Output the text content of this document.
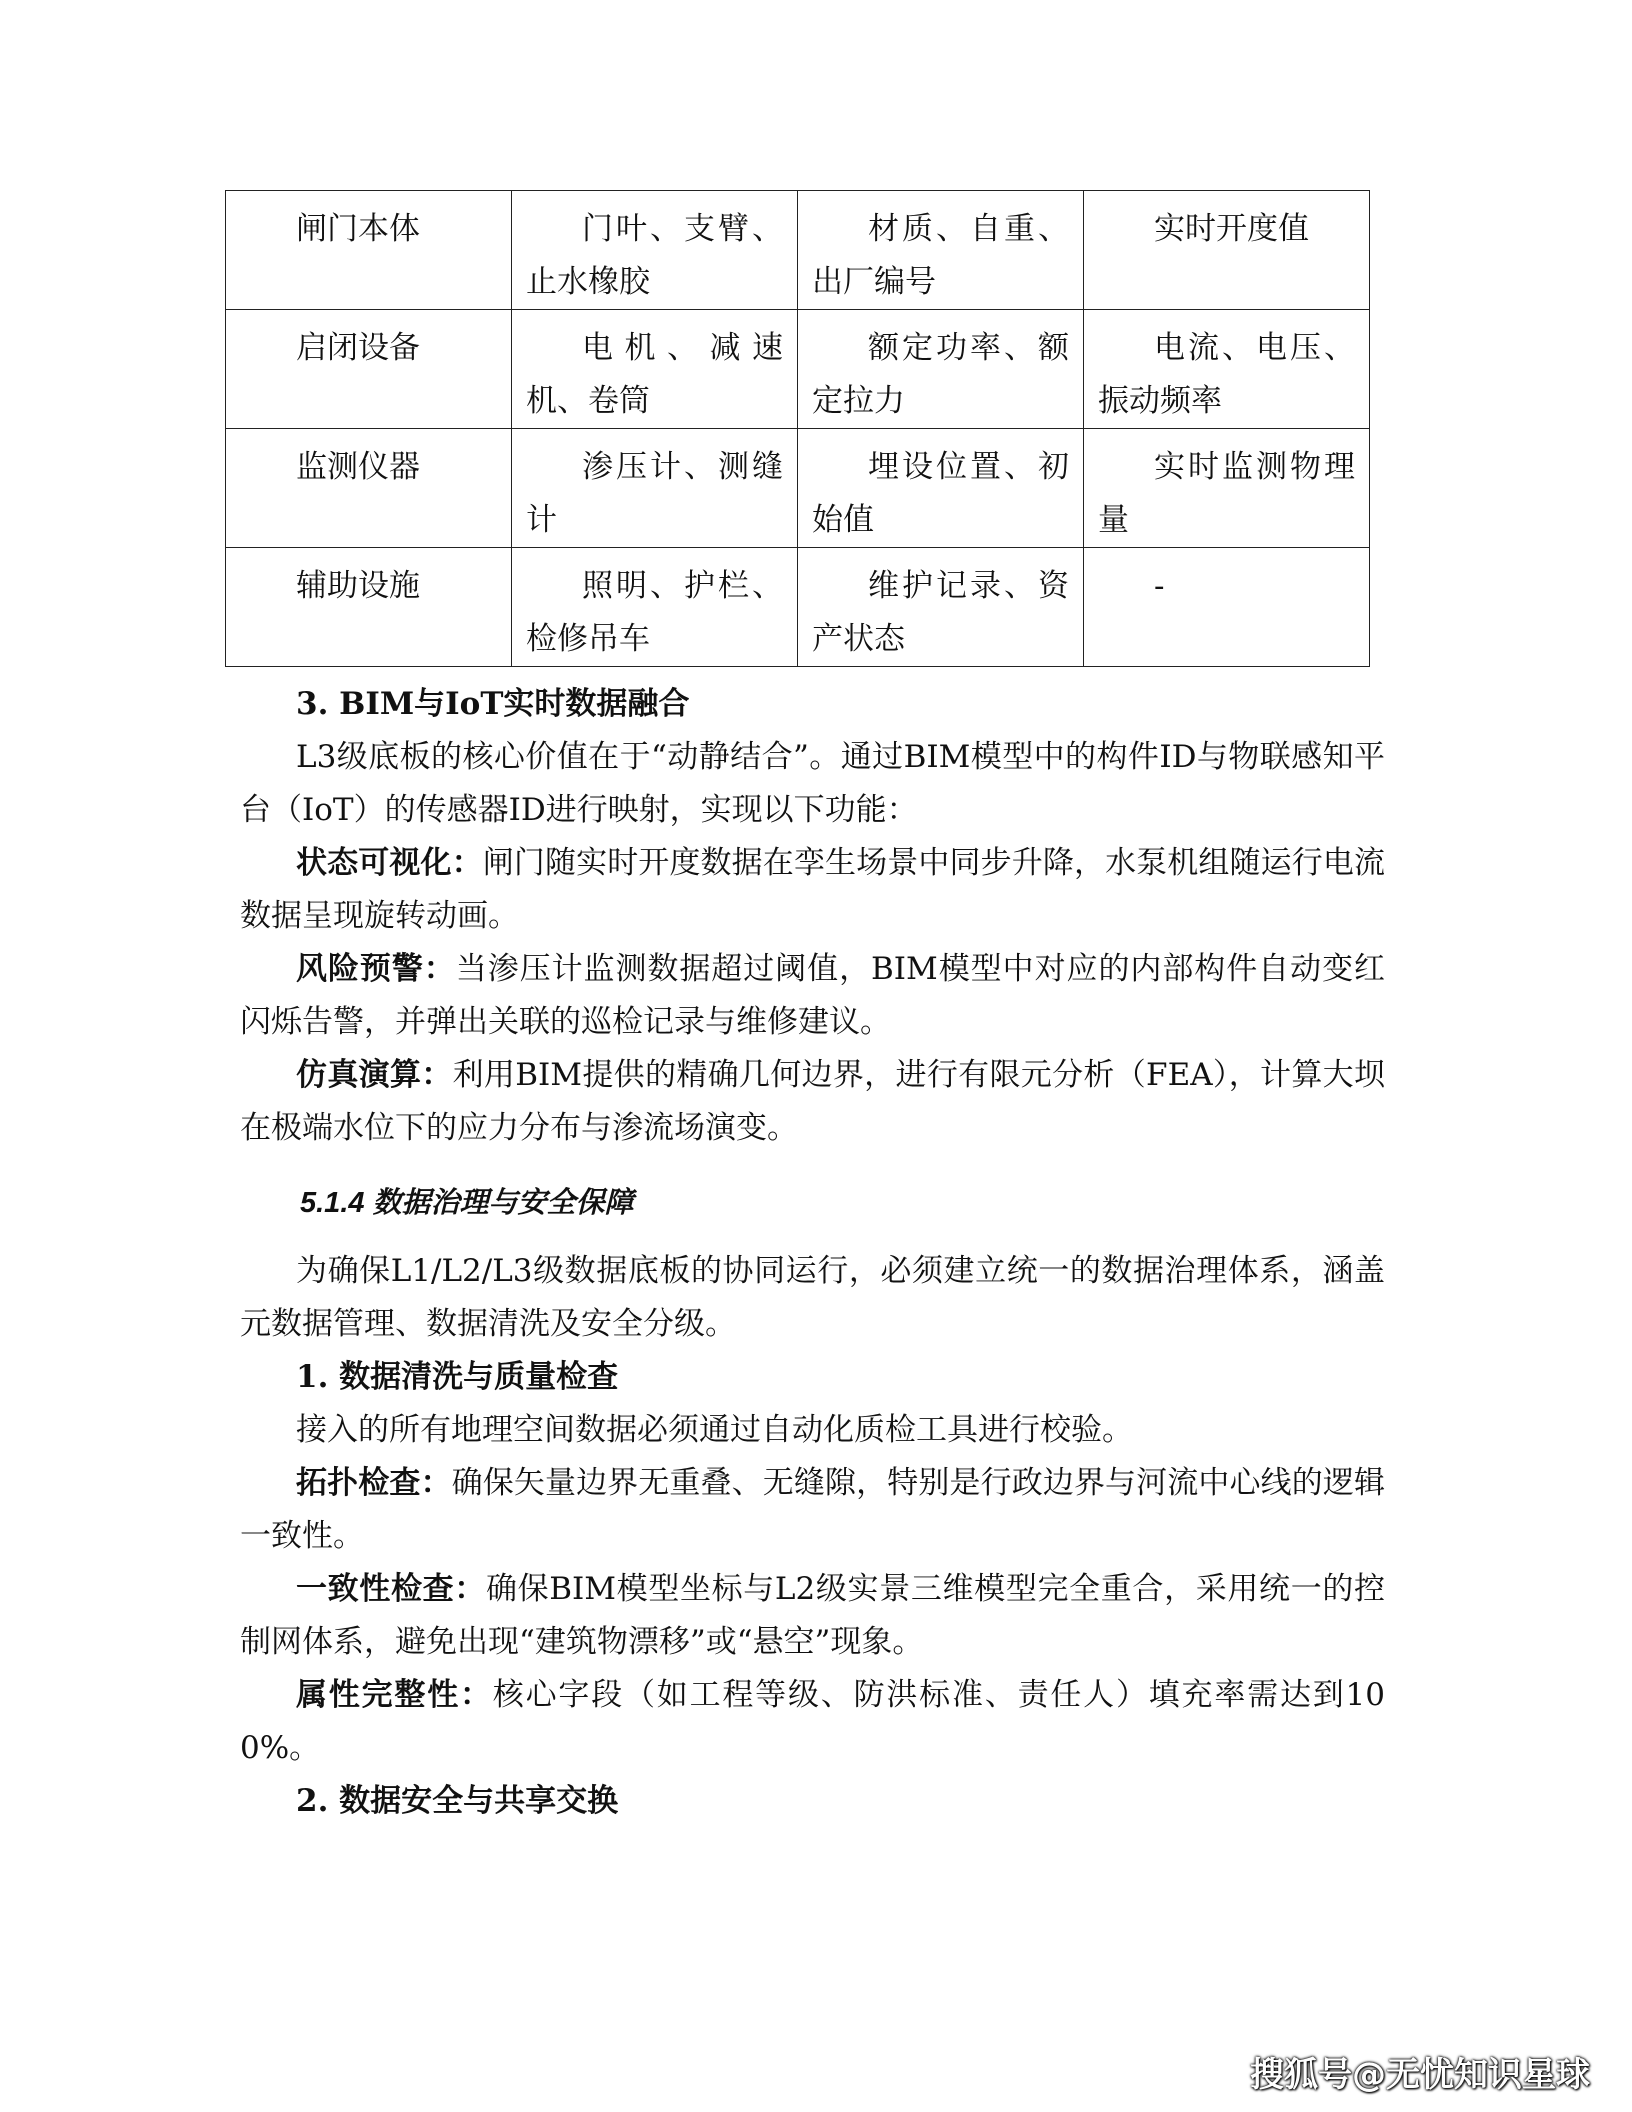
闸门本体	门叶、支臂、止水橡胶	材质、自重、出厂编号	实时开度值
启闭设备	电 机 、 减 速 机、卷筒	额定功率、额定拉力	电流、电压、振动频率
监测仪器	渗压计、测缝计	埋设位置、初始值	实时监测物理量
辅助设施	照明、护栏、检修吊车	维护记录、资产状态	-
3. BIM与IoT实时数据融合
L3级底板的核心价值在于“动静结合”。通过BIM模型中的构件ID与物联感知平台（IoT）的传感器ID进行映射，实现以下功能：
状态可视化：闸门随实时开度数据在孪生场景中同步升降，水泵机组随运行电流数据呈现旋转动画。
风险预警：当渗压计监测数据超过阈值，BIM模型中对应的内部构件自动变红闪烁告警，并弹出关联的巡检记录与维修建议。
仿真演算：利用BIM提供的精确几何边界，进行有限元分析（FEA），计算大坝在极端水位下的应力分布与渗流场演变。
5.1.4 数据治理与安全保障
为确保L1/L2/L3级数据底板的协同运行，必须建立统一的数据治理体系，涵盖元数据管理、数据清洗及安全分级。
1. 数据清洗与质量检查
接入的所有地理空间数据必须通过自动化质检工具进行校验。
拓扑检查：确保矢量边界无重叠、无缝隙，特别是行政边界与河流中心线的逻辑一致性。
一致性检查：确保BIM模型坐标与L2级实景三维模型完全重合，采用统一的控制网体系，避免出现“建筑物漂移”或“悬空”现象。
属性完整性：核心字段（如工程等级、防洪标准、责任人）填充率需达到100%。
2. 数据安全与共享交换
搜狐号@无忧知识星球
